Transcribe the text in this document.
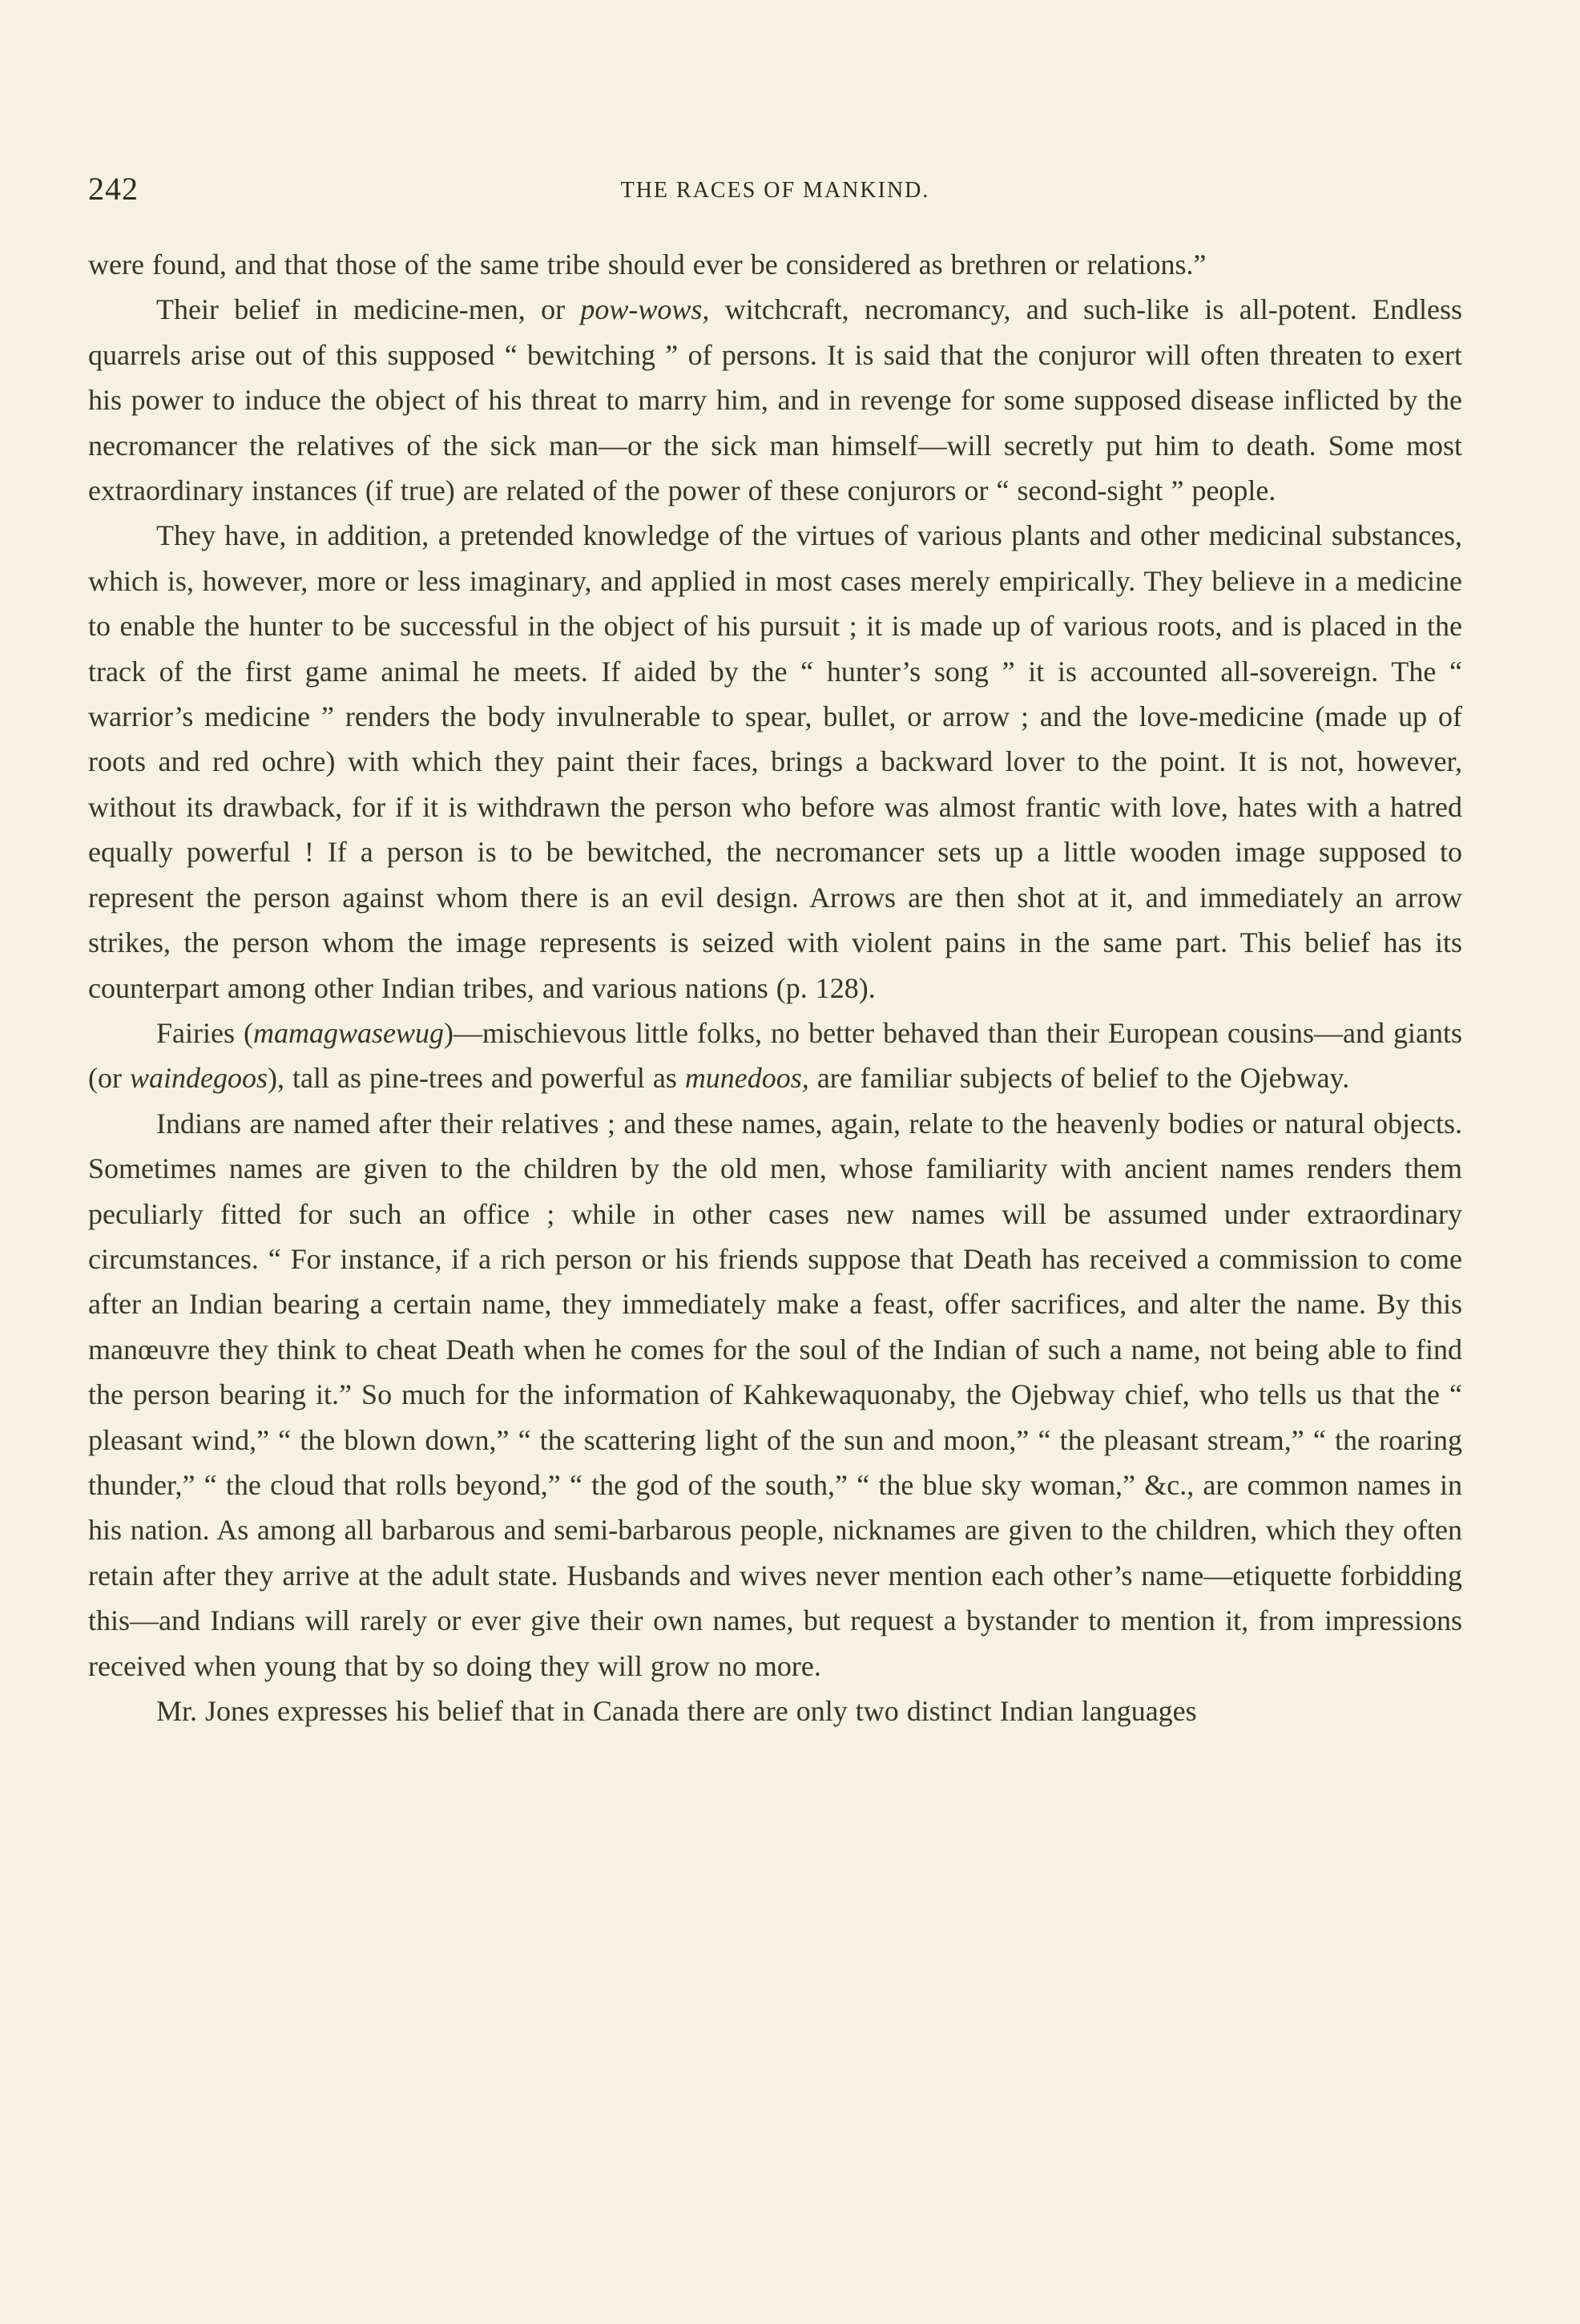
242	THE RACES OF MANKIND.

were found, and that those of the same tribe should ever be considered as brethren or relations.”

Their belief in medicine-men, or pow-wows, witchcraft, necromancy, and such-like is all-potent. Endless quarrels arise out of this supposed “ bewitching ” of persons. It is said that the conjuror will often threaten to exert his power to induce the object of his threat to marry him, and in revenge for some supposed disease inflicted by the necromancer the relatives of the sick man—or the sick man himself—will secretly put him to death. Some most extraordinary instances (if true) are related of the power of these conjurors or “ second-sight ” people.

They have, in addition, a pretended knowledge of the virtues of various plants and other medicinal substances, which is, however, more or less imaginary, and applied in most cases merely empirically. They believe in a medicine to enable the hunter to be successful in the object of his pursuit ; it is made up of various roots, and is placed in the track of the first game animal he meets. If aided by the “ hunter’s song ” it is accounted all-sovereign. The “ warrior’s medicine ” renders the body invulnerable to spear, bullet, or arrow ; and the love-medicine (made up of roots and red ochre) with which they paint their faces, brings a backward lover to the point. It is not, however, without its drawback, for if it is withdrawn the person who before was almost frantic with love, hates with a hatred equally powerful ! If a person is to be bewitched, the necromancer sets up a little wooden image supposed to represent the person against whom there is an evil design. Arrows are then shot at it, and immediately an arrow strikes, the person whom the image represents is seized with violent pains in the same part. This belief has its counterpart among other Indian tribes, and various nations (p. 128).

Fairies (mamagwasewug)—mischievous little folks, no better behaved than their European cousins—and giants (or waindegoos), tall as pine-trees and powerful as munedoos, are familiar subjects of belief to the Ojebway.

Indians are named after their relatives ; and these names, again, relate to the heavenly bodies or natural objects. Sometimes names are given to the children by the old men, whose familiarity with ancient names renders them peculiarly fitted for such an office ; while in other cases new names will be assumed under extraordinary circumstances. “ For instance, if a rich person or his friends suppose that Death has received a commission to come after an Indian bearing a certain name, they immediately make a feast, offer sacrifices, and alter the name. By this manœuvre they think to cheat Death when he comes for the soul of the Indian of such a name, not being able to find the person bearing it.” So much for the information of Kahkewaquonaby, the Ojebway chief, who tells us that the “ pleasant wind,” “ the blown down,” “ the scattering light of the sun and moon,” “ the pleasant stream,” “ the roaring thunder,” “ the cloud that rolls beyond,” “ the god of the south,” “ the blue sky woman,” &c., are common names in his nation. As among all barbarous and semi-barbarous people, nicknames are given to the children, which they often retain after they arrive at the adult state. Husbands and wives never mention each other’s name—etiquette forbidding this—and Indians will rarely or ever give their own names, but request a bystander to mention it, from impressions received when young that by so doing they will grow no more.

Mr. Jones expresses his belief that in Canada there are only two distinct Indian languages
